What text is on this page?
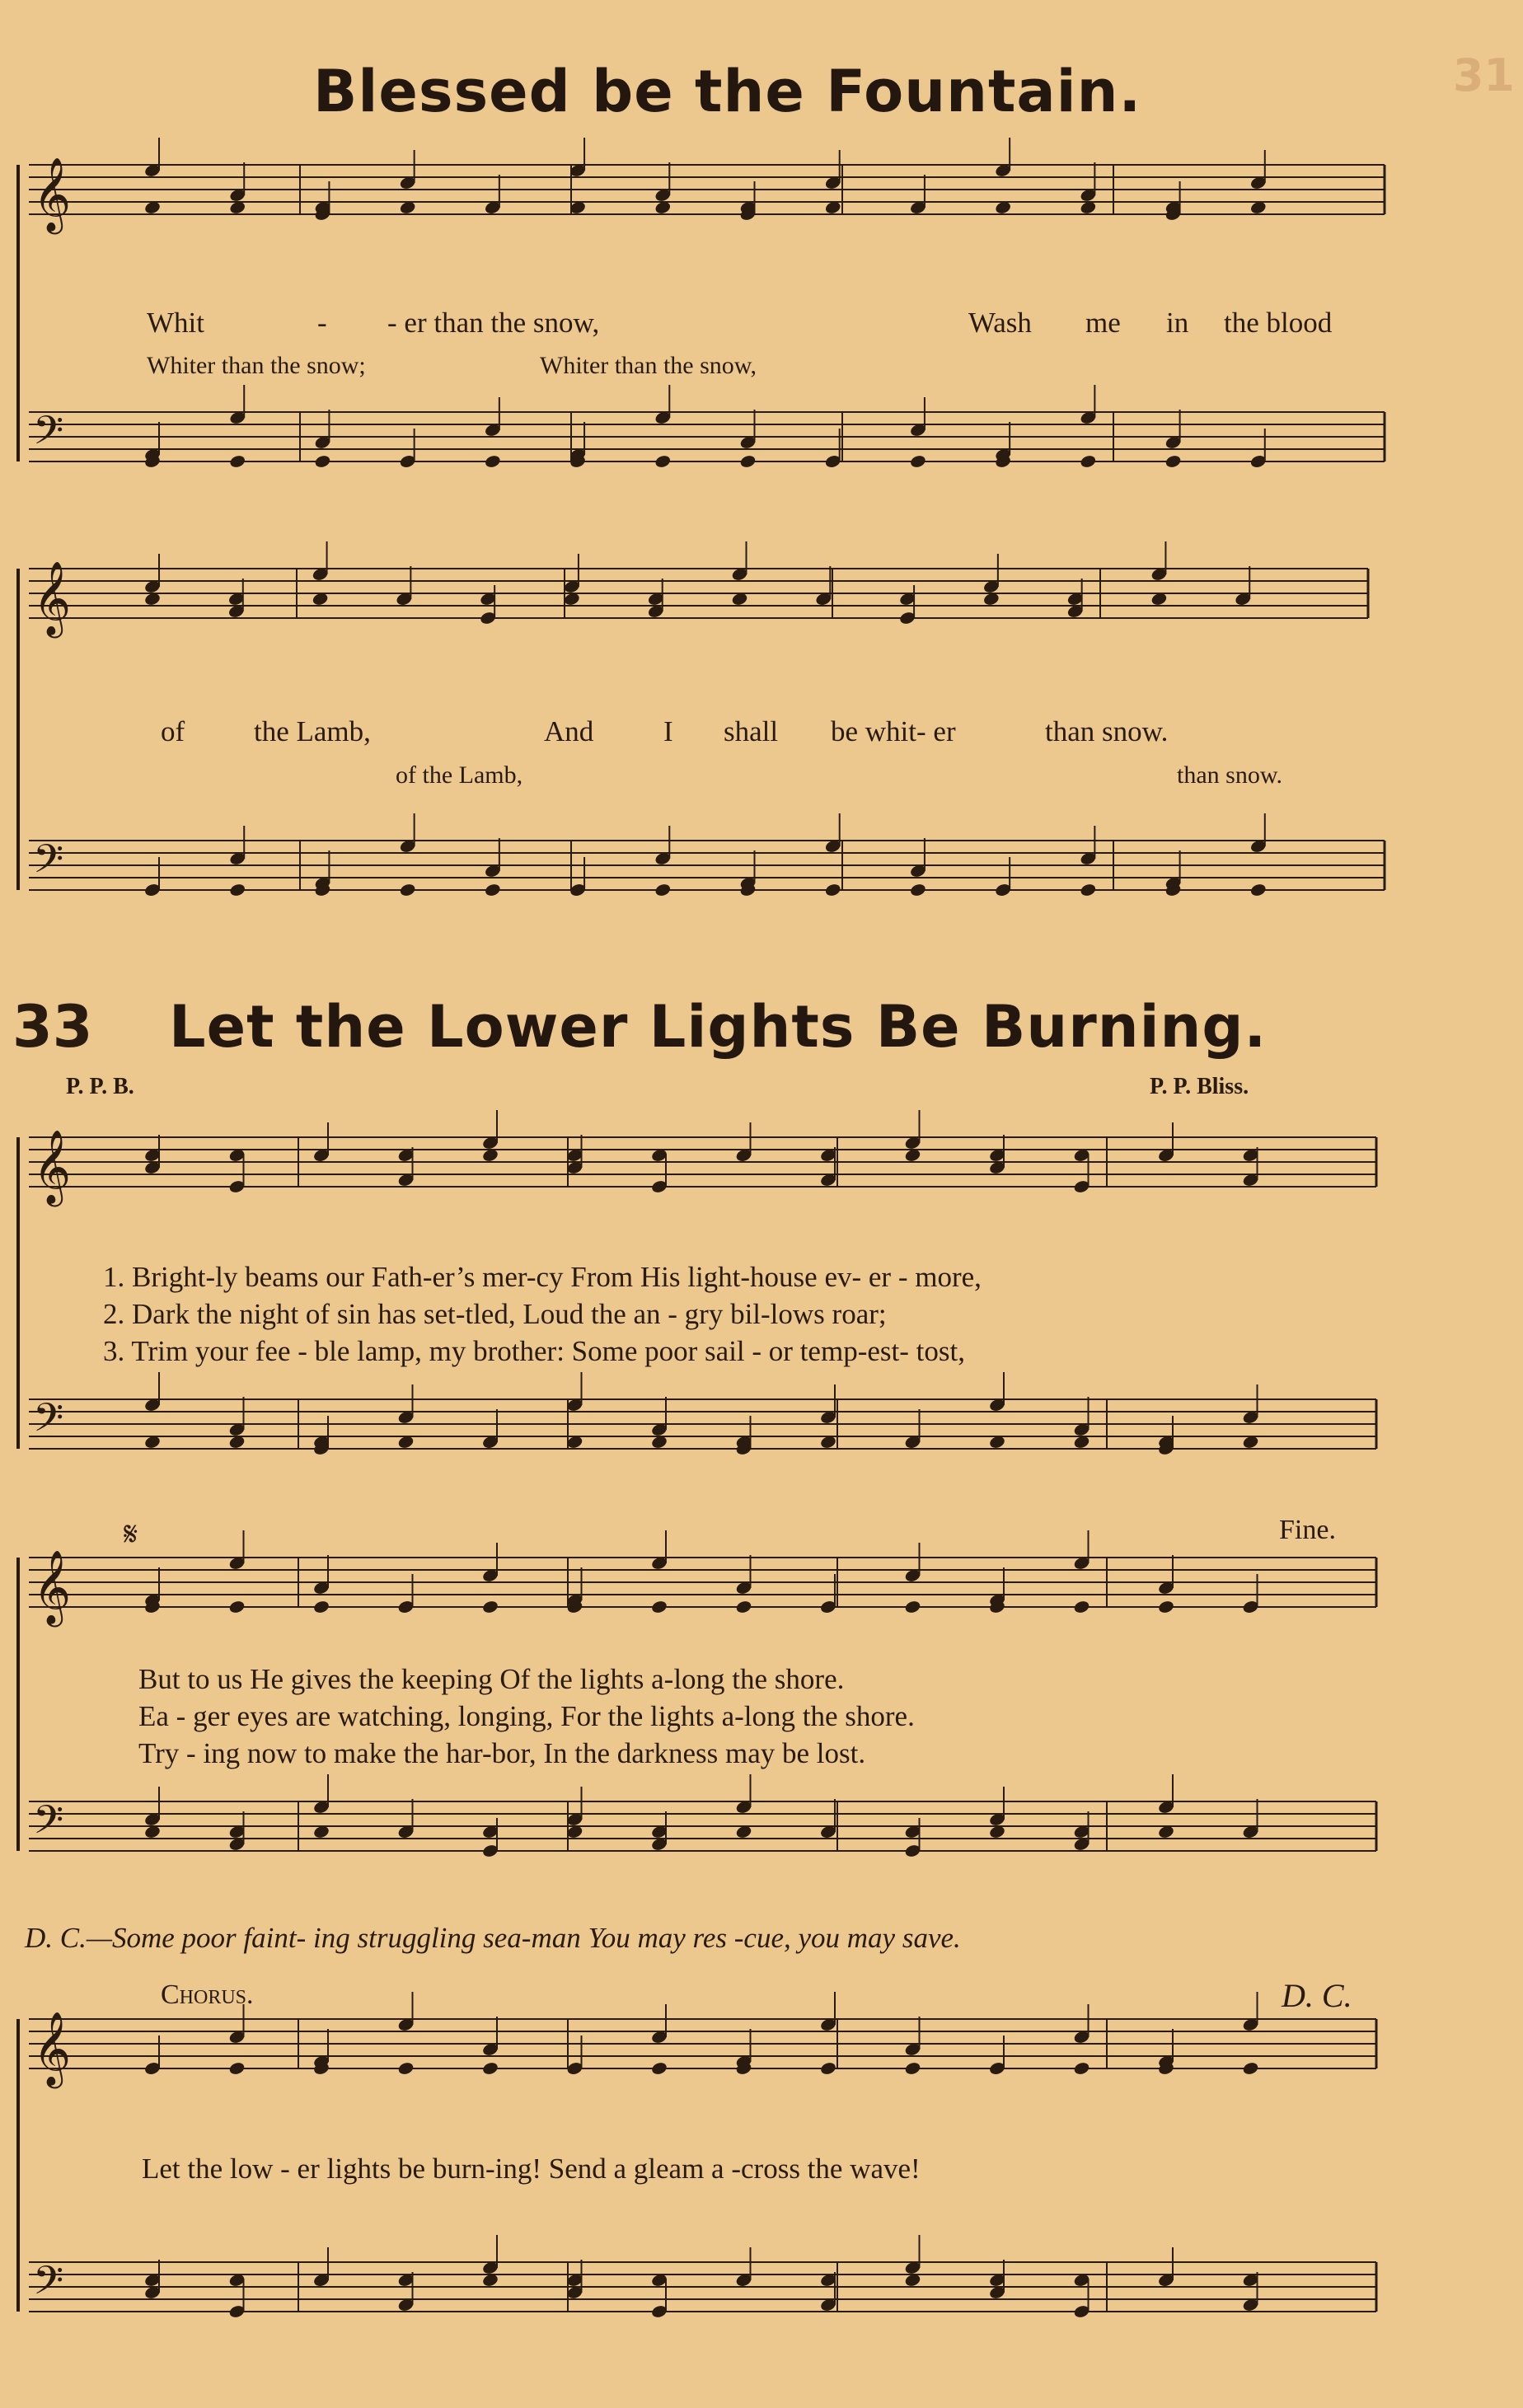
31
Blessed be the Fountain.
𝄞
𝄢
𝄞
𝄢
𝄞
𝄢
𝄞
𝄢
𝄞
𝄢
Whit	- - er than the snow,	Wash me in the blood
Whiter than the snow;	Whiter than the snow,
of the Lamb,	And I shall be whit- er	than snow.
of the Lamb,	than snow.
33 Let the Lower Lights Be Burning.
P. P. B.	P. P. Bliss.
1. Bright-ly beams our Fath-er’s mer-cy From His light-house ev- er - more,
2. Dark the night of sin has set-tled, Loud the an - gry bil-lows roar;
3. Trim your fee - ble lamp, my brother: Some poor sail - or temp-est- tost,
𝄋	Fine.
But to us He gives the keeping Of the lights a-long the shore.
Ea - ger eyes are watching, longing, For the lights a-long the shore.
Try - ing now to make the har-bor, In the darkness may be lost.
D. C.—Some poor faint- ing struggling sea-man You may res -cue, you may save.
Chorus.	D. C.
Let the low - er lights be burn-ing! Send a gleam a -cross the wave!
